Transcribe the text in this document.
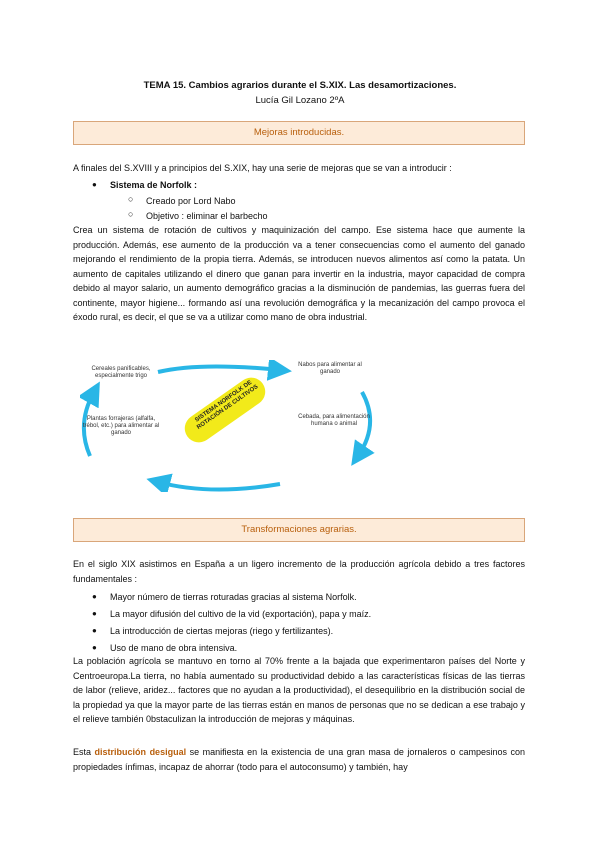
TEMA 15. Cambios agrarios durante el S.XIX. Las desamortizaciones.
Lucía Gil Lozano 2ºA
Mejoras introducidas.
A finales del S.XVIII y a principios del S.XIX, hay una serie de mejoras que se van a introducir :
● Sistema de Norfolk :
○ Creado por Lord Nabo
○ Objetivo : eliminar el barbecho
Crea un sistema de rotación de cultivos y maquinización del campo. Ese sistema hace que aumente la producción. Además, ese aumento de la producción va a tener consecuencias como el aumento del ganado mejorando el rendimiento de la propia tierra. Además, se introducen nuevos alimentos así como la patata. Un aumento de capitales utilizando el dinero que ganan para invertir en la industria, mayor capacidad de compra debido al mayor salario, un aumento demográfico gracias a la disminución de pandemias, las guerras fuera del continente, mayor higiene... formando así una revolución demográfica y la mecanización del campo provoca el éxodo rural, es decir, el que se va a utilizar como mano de obra industrial.
SISTEMA NORFOLK DE ROTACIÓN DE CULTIVOS
Cereales panificables, especialmente trigo
Nabos para alimentar al ganado
Cebada, para alimentación humana o animal
Plantas forrajeras (alfalfa, trébol, etc.) para alimentar al ganado
Transformaciones agrarias.
En el siglo XIX asistimos en España a un ligero incremento de la producción agrícola debido a tres factores fundamentales :
● Mayor número de tierras roturadas gracias al sistema Norfolk.
● La mayor difusión del cultivo de la vid (exportación), papa y maíz.
● La introducción de ciertas mejoras (riego y fertilizantes).
● Uso de mano de obra intensiva.
La población agrícola se mantuvo en torno al 70% frente a la bajada que experimentaron países del Norte y Centroeuropa.La tierra, no había aumentado su productividad debido a las características físicas de las tierras de labor (relieve, aridez... factores que no ayudan a la productividad), el desequilibrio en la distribución social de la propiedad ya que la mayor parte de las tierras están en manos de personas que no se dedican a ese trabajo y el relieve también 0bstaculizan la introducción de mejoras y máquinas.
Esta distribución desigual se manifiesta en la existencia de una gran masa de jornaleros o campesinos con propiedades ínfimas, incapaz de ahorrar (todo para el autoconsumo) y también, hay
